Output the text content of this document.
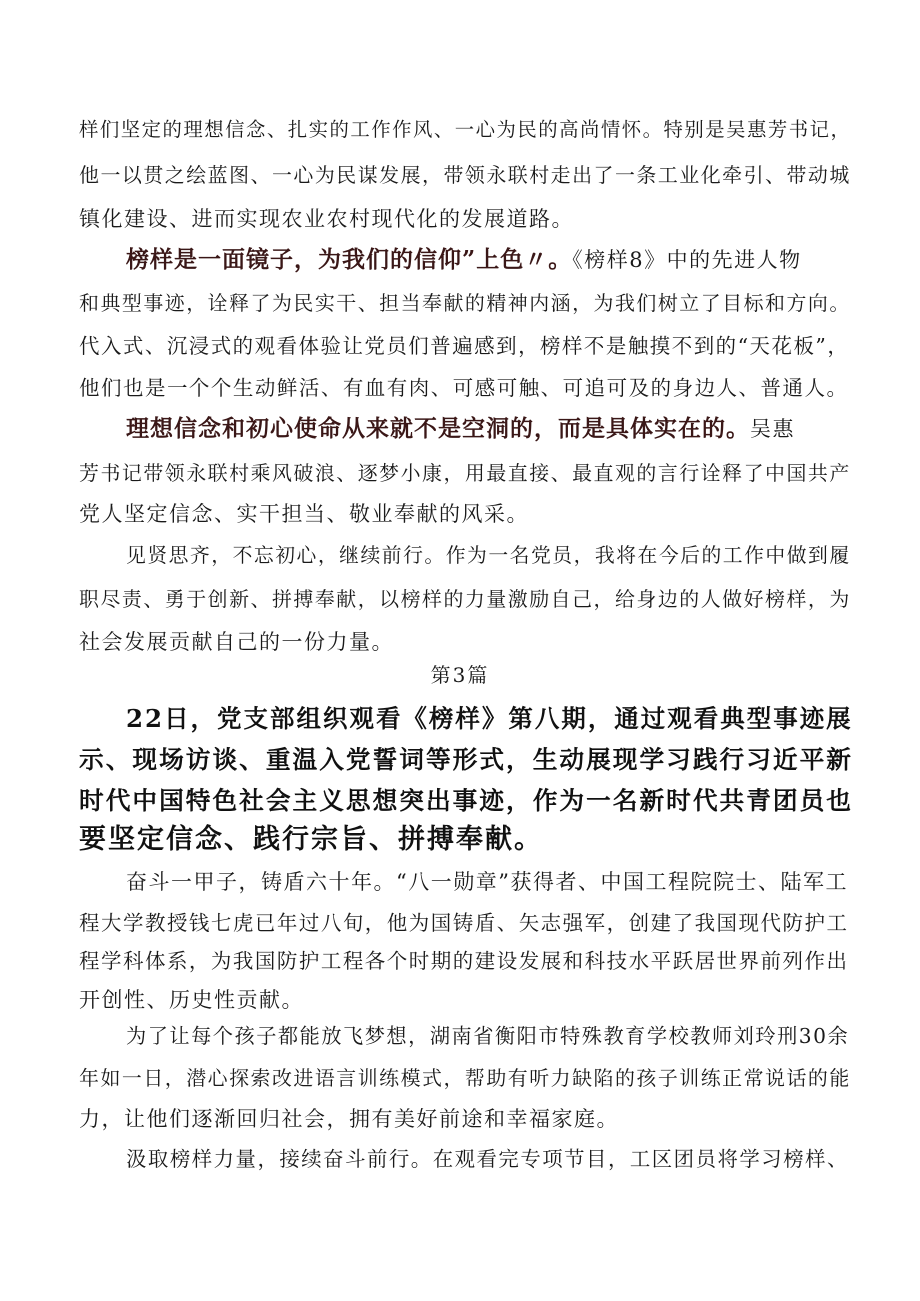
样们坚定的理想信念、扎实的工作作风、一心为民的高尚情怀。特别是吴惠芳书记，
他一以贯之绘蓝图、一心为民谋发展，带领永联村走出了一条工业化牵引、带动城
镇化建设、进而实现农业农村现代化的发展道路。
榜样是一面镜子，为我们的信仰”上色〃。《榜样8》中的先进人物
和典型事迹，诠释了为民实干、担当奉献的精神内涵，为我们树立了目标和方向。
代入式、沉浸式的观看体验让党员们普遍感到，榜样不是触摸不到的“天花板”，
他们也是一个个生动鲜活、有血有肉、可感可触、可追可及的身边人、普通人。
理想信念和初心使命从来就不是空洞的，而是具体实在的。吴惠
芳书记带领永联村乘风破浪、逐梦小康，用最直接、最直观的言行诠释了中国共产
党人坚定信念、实干担当、敬业奉献的风采。
见贤思齐，不忘初心，继续前行。作为一名党员，我将在今后的工作中做到履
职尽责、勇于创新、拼搏奉献，以榜样的力量激励自己，给身边的人做好榜样，为
社会发展贡献自己的一份力量。
第3篇
22日，党支部组织观看《榜样》第八期，通过观看典型事迹展
示、现场访谈、重温入党誓词等形式，生动展现学习践行习近平新
时代中国特色社会主义思想突出事迹，作为一名新时代共青团员也
要坚定信念、践行宗旨、拼搏奉献。
奋斗一甲子，铸盾六十年。“八一勋章”获得者、中国工程院院士、陆军工
程大学教授钱七虎已年过八旬，他为国铸盾、矢志强军，创建了我国现代防护工
程学科体系，为我国防护工程各个时期的建设发展和科技水平跃居世界前列作出
开创性、历史性贡献。
为了让每个孩子都能放飞梦想，湖南省衡阳市特殊教育学校教师刘玲刑30余
年如一日，潜心探索改进语言训练模式，帮助有听力缺陷的孩子训练正常说话的能
力，让他们逐渐回归社会，拥有美好前途和幸福家庭。
汲取榜样力量，接续奋斗前行。在观看完专项节目，工区团员将学习榜样、
